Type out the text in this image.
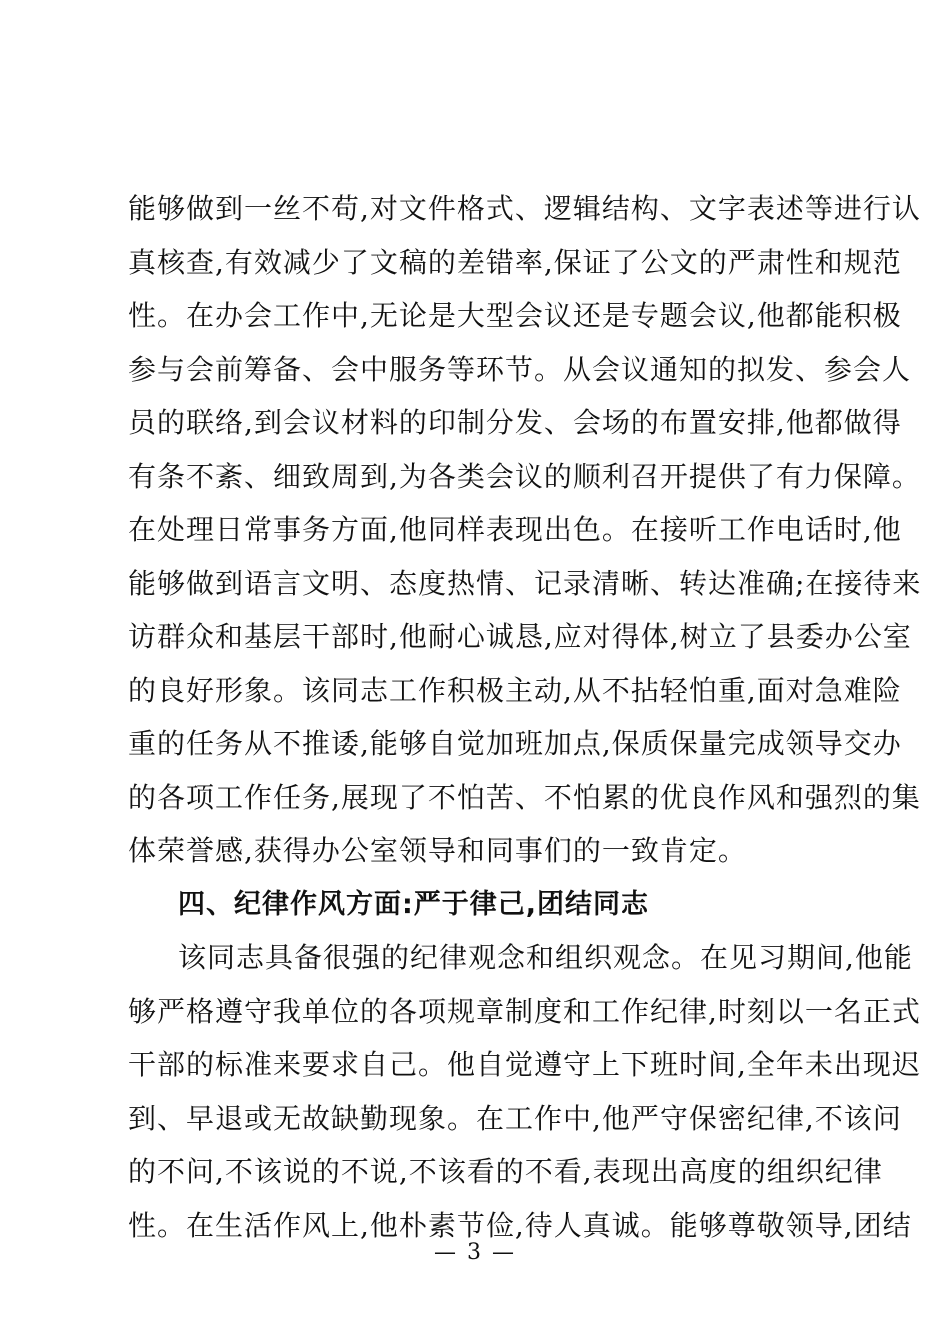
能够做到一丝不苟,对文件格式、逻辑结构、文字表述等进行认
真核查,有效减少了文稿的差错率,保证了公文的严肃性和规范
性。在办会工作中,无论是大型会议还是专题会议,他都能积极
参与会前筹备、会中服务等环节。从会议通知的拟发、参会人
员的联络,到会议材料的印制分发、会场的布置安排,他都做得
有条不紊、细致周到,为各类会议的顺利召开提供了有力保障。
在处理日常事务方面,他同样表现出色。在接听工作电话时,他
能够做到语言文明、态度热情、记录清晰、转达准确;在接待来
访群众和基层干部时,他耐心诚恳,应对得体,树立了县委办公室
的良好形象。该同志工作积极主动,从不拈轻怕重,面对急难险
重的任务从不推诿,能够自觉加班加点,保质保量完成领导交办
的各项工作任务,展现了不怕苦、不怕累的优良作风和强烈的集
体荣誉感,获得办公室领导和同事们的一致肯定。
四、纪律作风方面:严于律己,团结同志
该同志具备很强的纪律观念和组织观念。在见习期间,他能
够严格遵守我单位的各项规章制度和工作纪律,时刻以一名正式
干部的标准来要求自己。他自觉遵守上下班时间,全年未出现迟
到、早退或无故缺勤现象。在工作中,他严守保密纪律,不该问
的不问,不该说的不说,不该看的不看,表现出高度的组织纪律
性。在生活作风上,他朴素节俭,待人真诚。能够尊敬领导,团结
— 3 —
